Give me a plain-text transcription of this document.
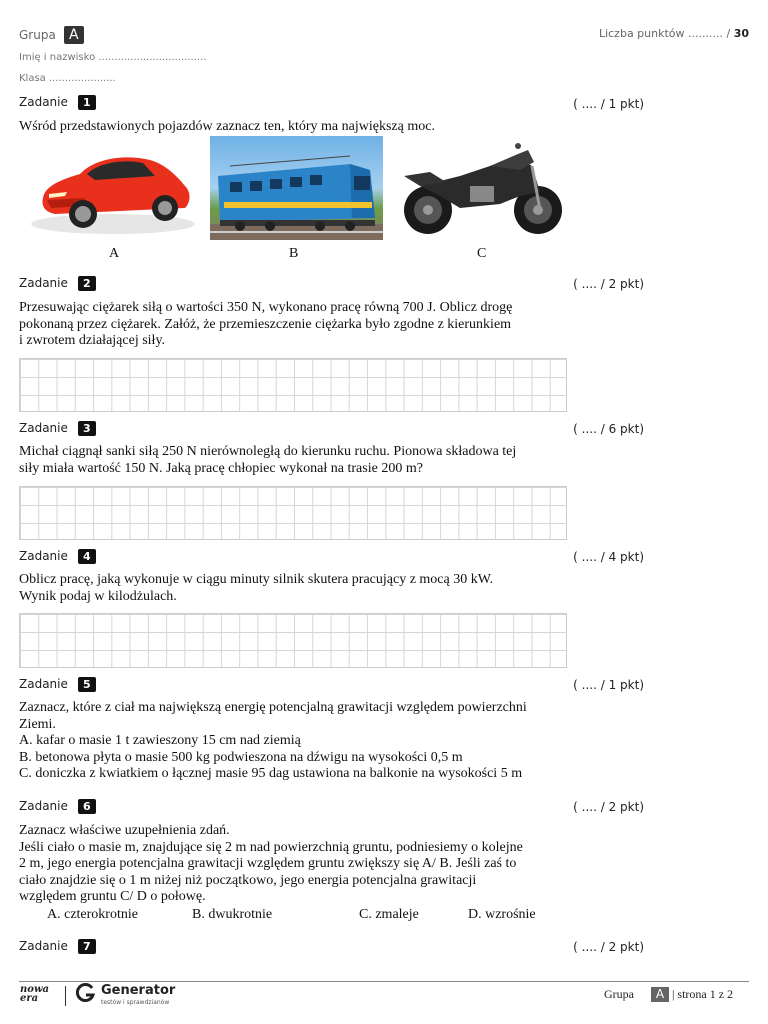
Grupa A	Liczba punktów .......... / 30
Imię i nazwisko ..................................
Klasa .....................
Zadanie 1	( .... / 1 pkt)
Wśród przedstawionych pojazdów zaznacz ten, który ma największą moc.
A	B	C
Zadanie 2	( .... / 2 pkt)
Przesuwając ciężarek siłą o wartości 350 N, wykonano pracę równą 700 J. Oblicz drogę
pokonaną przez ciężarek. Załóż, że przemieszczenie ciężarka było zgodne z kierunkiem
i zwrotem działającej siły.
Zadanie 3	( .... / 6 pkt)
Michał ciągnął sanki siłą 250 N nierównoległą do kierunku ruchu. Pionowa składowa tej
siły miała wartość 150 N. Jaką pracę chłopiec wykonał na trasie 200 m?
Zadanie 4	( .... / 4 pkt)
Oblicz pracę, jaką wykonuje w ciągu minuty silnik skutera pracujący z mocą 30 kW.
Wynik podaj w kilodżulach.
Zadanie 5	( .... / 1 pkt)
Zaznacz, które z ciał ma największą energię potencjalną grawitacji względem powierzchni
Ziemi.
A. kafar o masie 1 t zawieszony 15 cm nad ziemią
B. betonowa płyta o masie 500 kg podwieszona na dźwigu na wysokości 0,5 m
C. doniczka z kwiatkiem o łącznej masie 95 dag ustawiona na balkonie na wysokości 5 m
Zadanie 6	( .... / 2 pkt)
Zaznacz właściwe uzupełnienia zdań.
Jeśli ciało o masie m, znajdujące się 2 m nad powierzchnią gruntu, podniesiemy o kolejne
2 m, jego energia potencjalna grawitacji względem gruntu zwiększy się A/ B. Jeśli zaś to
ciało znajdzie się o 1 m niżej niż początkowo, jego energia potencjalna grawitacji
względem gruntu C/ D o połowę.
A. czterokrotnie	B. dwukrotnie	C. zmaleje	D. wzrośnie
Zadanie 7	( .... / 2 pkt)
nowa era
Generator
testów i sprawdzianów
Grupa A | strona 1 z 2
